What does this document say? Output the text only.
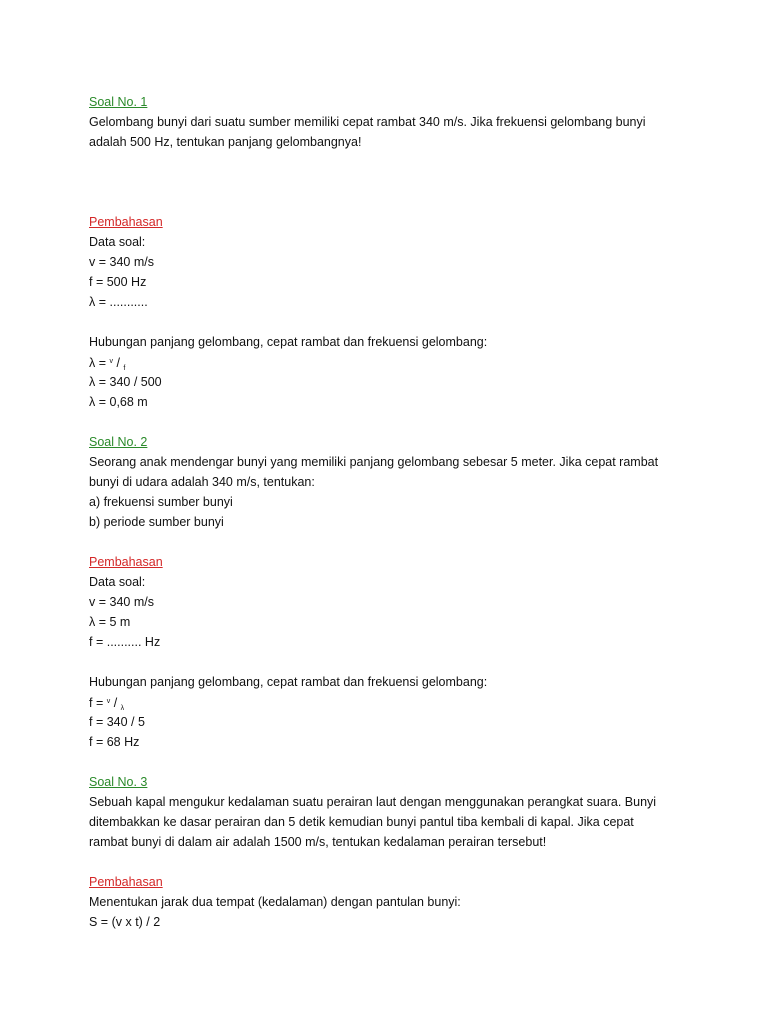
Soal No. 1
Gelombang bunyi dari suatu sumber memiliki cepat rambat 340 m/s. Jika frekuensi gelombang bunyi
adalah 500 Hz, tentukan panjang gelombangnya!
Pembahasan
Data soal:
v = 340 m/s
f = 500 Hz
λ = ...........
Hubungan panjang gelombang, cepat rambat dan frekuensi gelombang:
λ = $^v$ / $_f$
λ = 340 / 500
λ = 0,68 m
Soal No. 2
Seorang anak mendengar bunyi yang memiliki panjang gelombang sebesar 5 meter. Jika cepat rambat
bunyi di udara adalah 340 m/s, tentukan:
a) frekuensi sumber bunyi
b) periode sumber bunyi
Pembahasan
Data soal:
v = 340 m/s
λ = 5 m
f = .......... Hz
Hubungan panjang gelombang, cepat rambat dan frekuensi gelombang:
f = $^v$ / $_\lambda$
f = 340 / 5
f = 68 Hz
Soal No. 3
Sebuah kapal mengukur kedalaman suatu perairan laut dengan menggunakan perangkat suara. Bunyi
ditembakkan ke dasar perairan dan 5 detik kemudian bunyi pantul tiba kembali di kapal. Jika cepat
rambat bunyi di dalam air adalah 1500 m/s, tentukan kedalaman perairan tersebut!
Pembahasan
Menentukan jarak dua tempat (kedalaman) dengan pantulan bunyi:
S = (v x t) / 2
